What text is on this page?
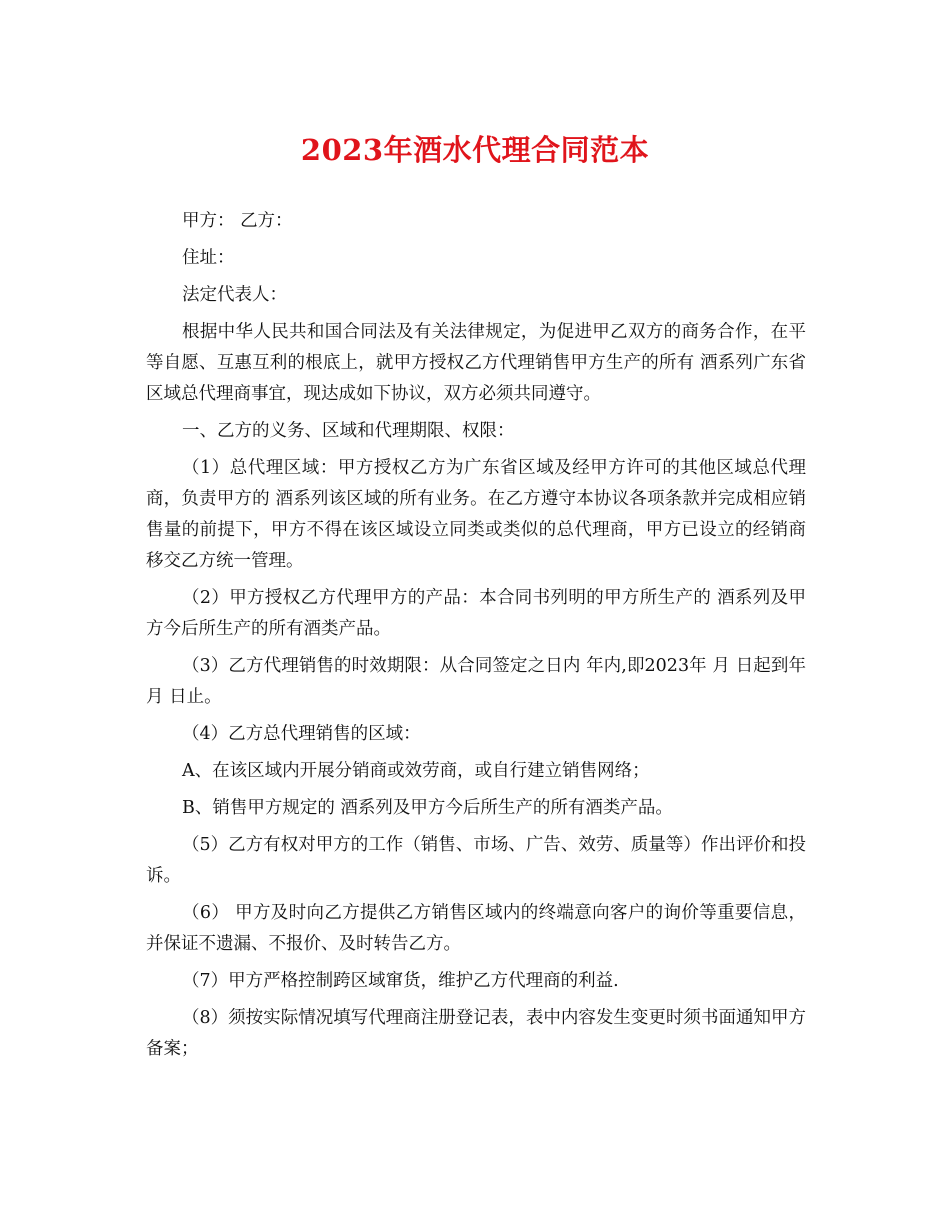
2023年酒水代理合同范本

甲方： 乙方：

住址：

法定代表人：

根据中华人民共和国合同法及有关法律规定，为促进甲乙双方的商务合作，在平等自愿、互惠互利的根底上，就甲方授权乙方代理销售甲方生产的所有 酒系列广东省区域总代理商事宜，现达成如下协议，双方必须共同遵守。

一、乙方的义务、区域和代理期限、权限：

（1）总代理区域：甲方授权乙方为广东省区域及经甲方许可的其他区域总代理商，负责甲方的 酒系列该区域的所有业务。在乙方遵守本协议各项条款并完成相应销售量的前提下，甲方不得在该区域设立同类或类似的总代理商，甲方已设立的经销商移交乙方统一管理。

（2）甲方授权乙方代理甲方的产品：本合同书列明的甲方所生产的 酒系列及甲方今后所生产的所有酒类产品。

（3）乙方代理销售的时效期限：从合同签定之日内 年内,即2023年 月 日起到年 月 日止。

（4）乙方总代理销售的区域：

A、在该区域内开展分销商或效劳商，或自行建立销售网络；

B、销售甲方规定的 酒系列及甲方今后所生产的所有酒类产品。

（5）乙方有权对甲方的工作（销售、市场、广告、效劳、质量等）作出评价和投诉。

（6） 甲方及时向乙方提供乙方销售区域内的终端意向客户的询价等重要信息，并保证不遗漏、不报价、及时转告乙方。

（7）甲方严格控制跨区域窜货，维护乙方代理商的利益.

（8）须按实际情况填写代理商注册登记表，表中内容发生变更时须书面通知甲方备案；
